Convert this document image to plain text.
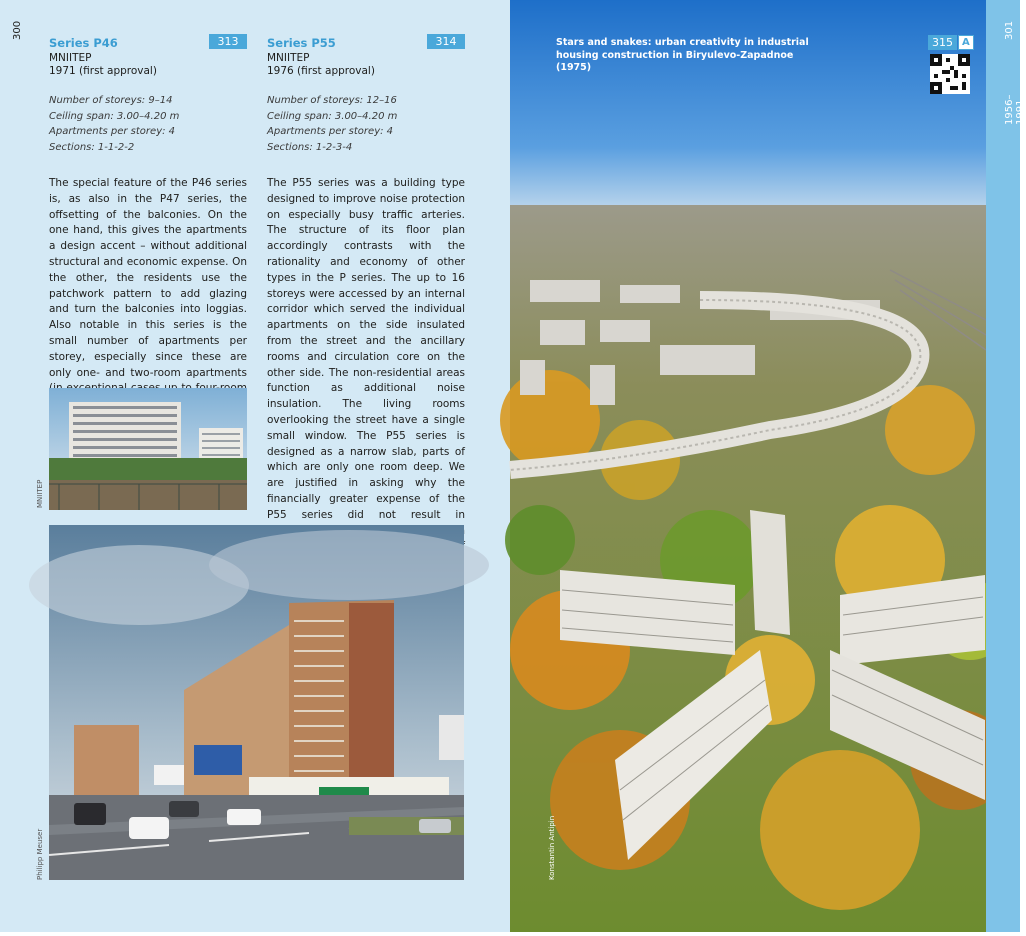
300
Series P46	313
MNIITEP
1971 (first approval)
Number of storeys: 9–14
Ceiling span: 3.00–4.20 m
Apartments per storey: 4
Sections: 1-1-2-2
Series P55	314
MNIITEP
1976 (first approval)
Number of storeys: 12–16
Ceiling span: 3.00–4.20 m
Apartments per storey: 4
Sections: 1-2-3-4

The special feature of the P46 series is, as also in the P47 series, the offsetting of the balconies. On the one hand, this gives the apartments a design accent – without additional structural and economic expense. On the other, the residents use the patchwork pattern to add glazing and turn the balconies into loggias. Also notable in this series is the small number of apartments per storey, especially since these are only one- and two-room apartments

The P55 series was a building type designed to improve noise protection on especially busy traffic arteries. The structure of its floor plan accordingly contrasts with the rationality and economy of other types in the P series. The up to 16 storeys were accessed by an internal corridor which served the individual apartments on the side insulated from the street and the ancillary rooms and circulation core on the other side. The non-residential areas function as additional noise insulation. The living rooms overlooking the street have a single small window. The P55 series is designed as a narrow slab, parts of which are only one room deep. We are justified in asking why the financially greater expense of the P55 series did not result in

MNIITEP
Philipp Meuser
Stars and snakes: urban creativity in industrial housing construction in Biryulevo-Zapadnoe (1975)
315 A
Konstantin Antipin
301
1956–1991
